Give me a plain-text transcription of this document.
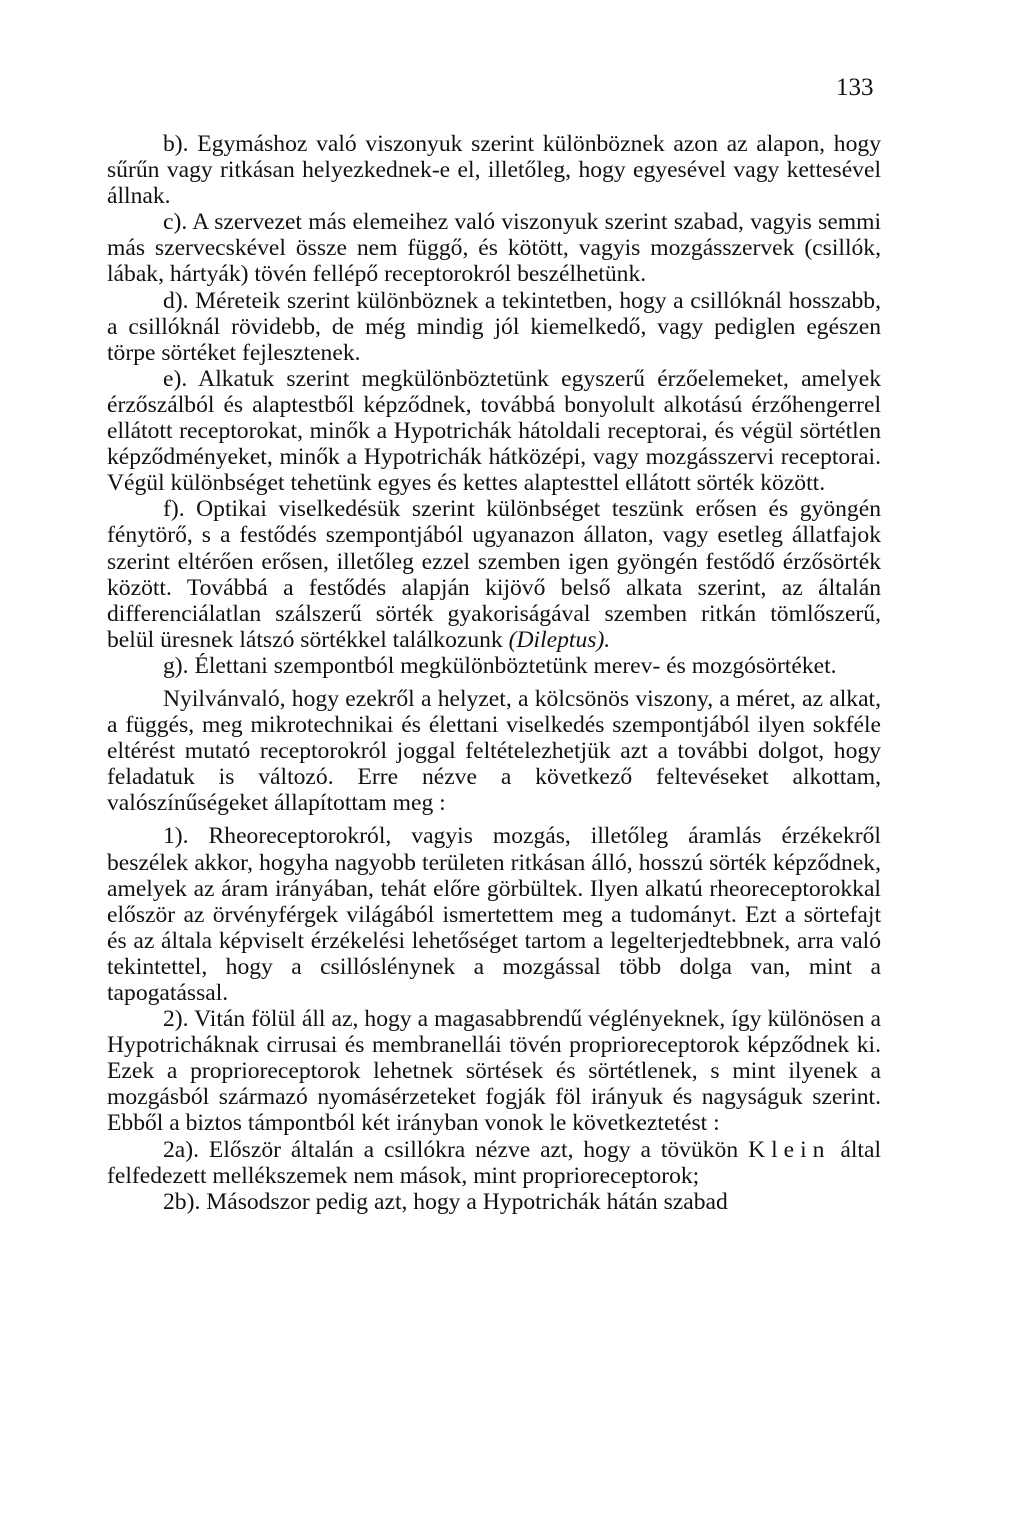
133

b). Egymáshoz való viszonyuk szerint különböznek azon az alapon, hogy sűrűn vagy ritkásan helyezkednek-e el, illetőleg, hogy egyesével vagy kettesével állnak.

c). A szervezet más elemeihez való viszonyuk szerint szabad, vagyis semmi más szervecskével össze nem függő, és kötött, vagyis mozgásszervek (csillók, lábak, hártyák) tövén fellépő receptorokról beszélhetünk.

d). Méreteik szerint különböznek a tekintetben, hogy a csillóknál hosszabb, a csillóknál rövidebb, de még mindig jól kiemelkedő, vagy pediglen egészen törpe sörtéket fejlesztenek.

e). Alkatuk szerint megkülönböztetünk egyszerű érzőelemeket, amelyek érzőszálból és alaptestből képződnek, továbbá bonyolult alkotású érzőhengerrel ellátott receptorokat, minők a Hypotrichák hátoldali receptorai, és végül sörtétlen képződményeket, minők a Hypotrichák hátközépi, vagy mozgásszervi receptorai. Végül különbséget tehetünk egyes és kettes alaptesttel ellátott sörték között.

f). Optikai viselkedésük szerint különbséget teszünk erősen és gyöngén fénytörő, s a festődés szempontjából ugyanazon állaton, vagy esetleg állatfajok szerint eltérően erősen, illetőleg ezzel szemben igen gyöngén festődő érzősörték között. Továbbá a festődés alapján kijövő belső alkata szerint, az általán differenciálatlan szálszerű sörték gyakoriságával szemben ritkán tömlőszerű, belül üresnek látszó sörtékkel találkozunk (Dileptus).

g). Élettani szempontból megkülönböztetünk merev- és mozgósörtéket.

Nyilvánvaló, hogy ezekről a helyzet, a kölcsönös viszony, a méret, az alkat, a függés, meg mikrotechnikai és élettani viselkedés szempontjából ilyen sokféle eltérést mutató receptorokról joggal feltételezhetjük azt a további dolgot, hogy feladatuk is változó. Erre nézve a következő feltevéseket alkottam, valószínűségeket állapítottam meg :

1). Rheoreceptorokról, vagyis mozgás, illetőleg áramlás érzékekről beszélek akkor, hogyha nagyobb területen ritkásan álló, hosszú sörték képződnek, amelyek az áram irányában, tehát előre görbültek. Ilyen alkatú rheoreceptorokkal először az örvényférgek világából ismertettem meg a tudományt. Ezt a sörtefajt és az általa képviselt érzékelési lehetőséget tartom a legelterjedtebbnek, arra való tekintettel, hogy a csillóslénynek a mozgással több dolga van, mint a tapogatással.

2). Vitán fölül áll az, hogy a magasabbrendű véglényeknek, így különösen a Hypotricháknak cirrusai és membranellái tövén proprioreceptorok képződnek ki. Ezek a proprioreceptorok lehetnek sörtések és sörtétlenek, s mint ilyenek a mozgásból származó nyomásérzeteket fogják föl irányuk és nagyságuk szerint. Ebből a biztos támpontból két irányban vonok le következtetést :

2a). Először általán a csillókra nézve azt, hogy a tövükön Klein által felfedezett mellékszemek nem mások, mint proprioreceptorok;

2b). Másodszor pedig azt, hogy a Hypotrichák hátán szabad
